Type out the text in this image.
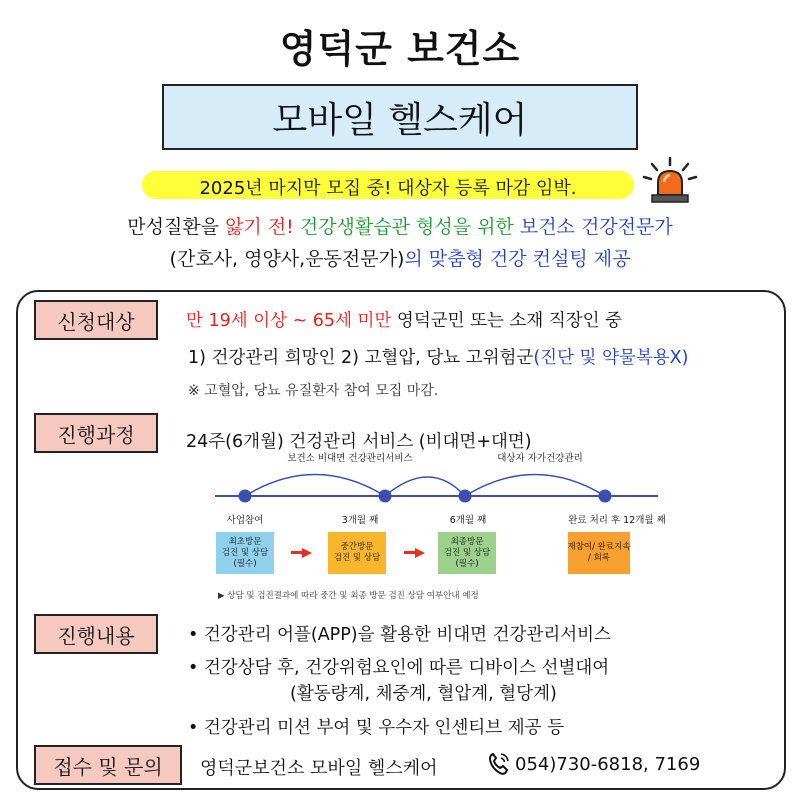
영덕군 보건소
모바일 헬스케어
2025년 마지막 모집 중! 대상자 등록 마감 임박.
만성질환을 앓기 전! 건강생활습관 형성을 위한 보건소 건강전문가
(간호사, 영양사,운동전문가)의 맞춤형 건강 컨설팅 제공
신청대상	만 19세 이상 ~ 65세 미만 영덕군민 또는 소재 직장인 중
1) 건강관리 희망인 2) 고혈압, 당뇨 고위험군(진단 및 약물복용X)
※ 고혈압, 당뇨 유질환자 참여 모집 마감.
진행과정	24주(6개월) 건겅관리 서비스 (비대면+대면)
보건소 비대면 건강관리서비스	대상자 자가건강관리
사업참여	3개월 째	6개월 째	완료 처리 후 12개월 째
최초방문
검진 및 상담
(필수)
중간방문
검진 및 상담
최종방문
검진 및 상담
(필수)
재참여/ 완료지속
/ 회록
▶ 상담 및 검진결과에 따라 중간 및 최종 방문 검진 상담 여부안내 예정
진행내용	• 건강관리 어플(APP)을 활용한 비대면 건강관리서비스
• 건강상담 후, 건강위험요인에 따른 디바이스 선별대여
(활동량계, 체중계, 혈압계, 혈당계)
• 건강관리 미션 부여 및 우수자 인센티브 제공 등
접수 및 문의 영덕군보건소 모바일 헬스케어	054)730-6818, 7169
